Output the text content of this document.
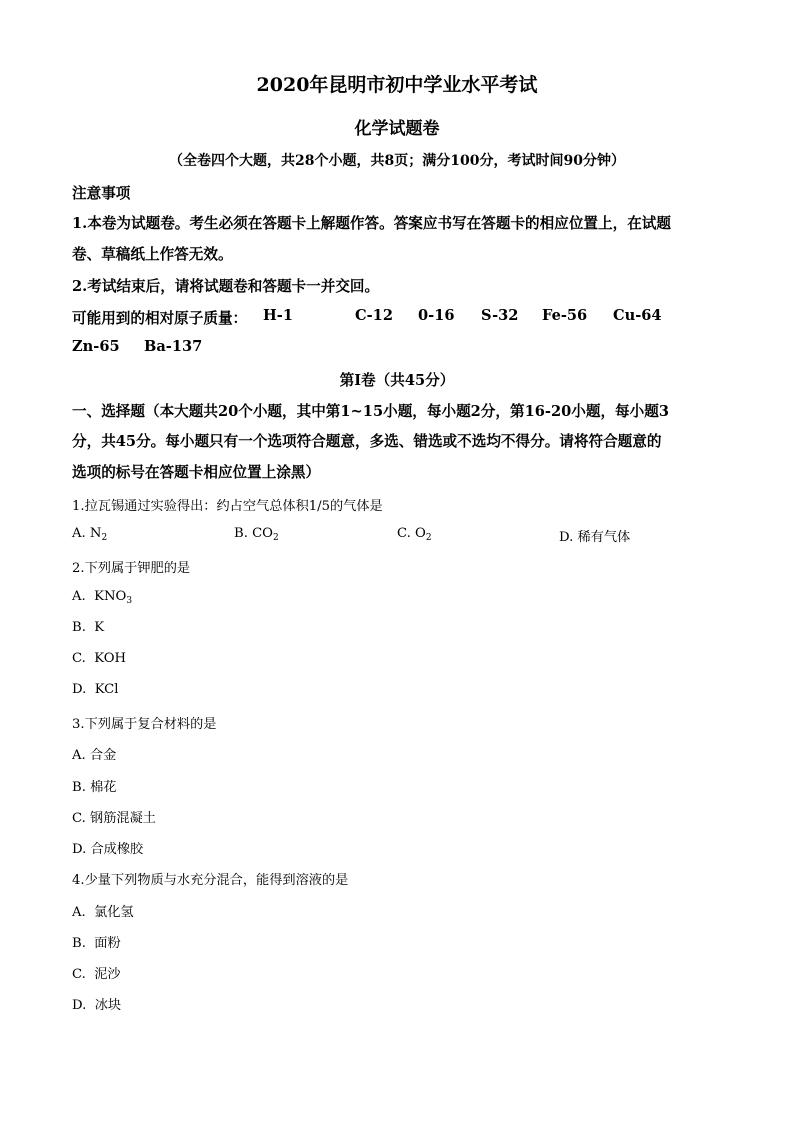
2020年昆明市初中学业水平考试
化学试题卷
（全卷四个大题，共28个小题，共8页；满分100分，考试时间90分钟）
注意事项
1.本卷为试题卷。考生必须在答题卡上解题作答。答案应书写在答题卡的相应位置上，在试题
卷、草稿纸上作答无效。
2.考试结束后，请将试题卷和答题卡一并交回。
可能用到的相对原子质量： H-1	C-12 0-16 S-32 Fe-56 Cu-64
Zn-65 Ba-137
第Ⅰ卷（共45分）
一、选择题（本大题共20个小题，其中第1~15小题，每小题2分，第16-20小题，每小题3
分，共45分。每小题只有一个选项符合题意，多选、错选或不选均不得分。请将符合题意的
选项的标号在答题卡相应位置上涂黑）
1.拉瓦锡通过实验得出：约占空气总体积1/5的气体是
A. $N_2$	B. $CO_2$	C. $O_2$	D. 稀有气体
2.下列属于钾肥的是
A. $KNO_3$
B. K
C. KOH
D. KCl
3.下列属于复合材料的是
A. 合金
B. 棉花
C. 钢筋混凝土
D. 合成橡胶
4.少量下列物质与水充分混合，能得到溶液的是
A. 氯化氢
B. 面粉
C. 泥沙
D. 冰块
